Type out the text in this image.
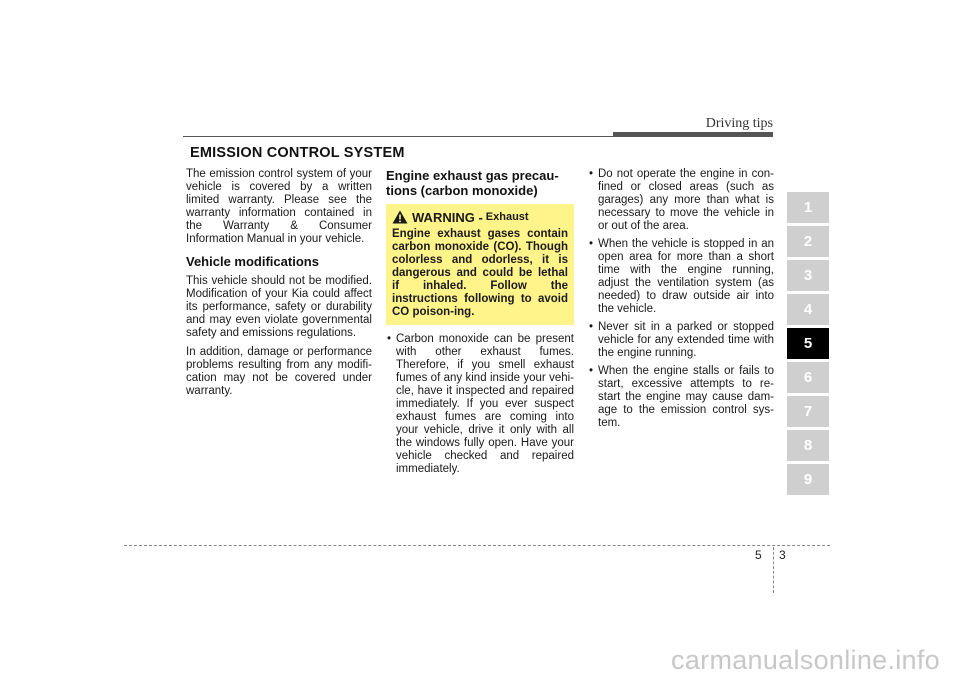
Driving tips
EMISSION CONTROL SYSTEM

The emission control system of your vehicle is covered by a written limited warranty. Please see the warranty information contained in the Warranty & Consumer Information Manual in your vehicle.

Vehicle modifications

This vehicle should not be modified. Modification of your Kia could affect its performance, safety or durability and may even violate governmental safety and emissions regulations.

In addition, damage or performance problems resulting from any modifi-cation may not be covered under warranty.

Engine exhaust gas precau-tions (carbon monoxide)
WARNING - Exhaust
Engine exhaust gases contain carbon monoxide (CO). Though colorless and odorless, it is dangerous and could be lethal if inhaled. Follow the instructions following to avoid CO poison-ing.
• Carbon monoxide can be present with other exhaust fumes. Therefore, if you smell exhaust fumes of any kind inside your vehi-cle, have it inspected and repaired immediately. If you ever suspect exhaust fumes are coming into your vehicle, drive it only with all the windows fully open. Have your vehicle checked and repaired immediately.
• Do not operate the engine in con-fined or closed areas (such as garages) any more than what is necessary to move the vehicle in or out of the area.
• When the vehicle is stopped in an open area for more than a short time with the engine running, adjust the ventilation system (as needed) to draw outside air into the vehicle.
• Never sit in a parked or stopped vehicle for any extended time with the engine running.
• When the engine stalls or fails to start, excessive attempts to re-start the engine may cause dam-age to the emission control sys-tem.
1
2
3
4
5
6
7
8
9
5 3
carmanualsonline.info
